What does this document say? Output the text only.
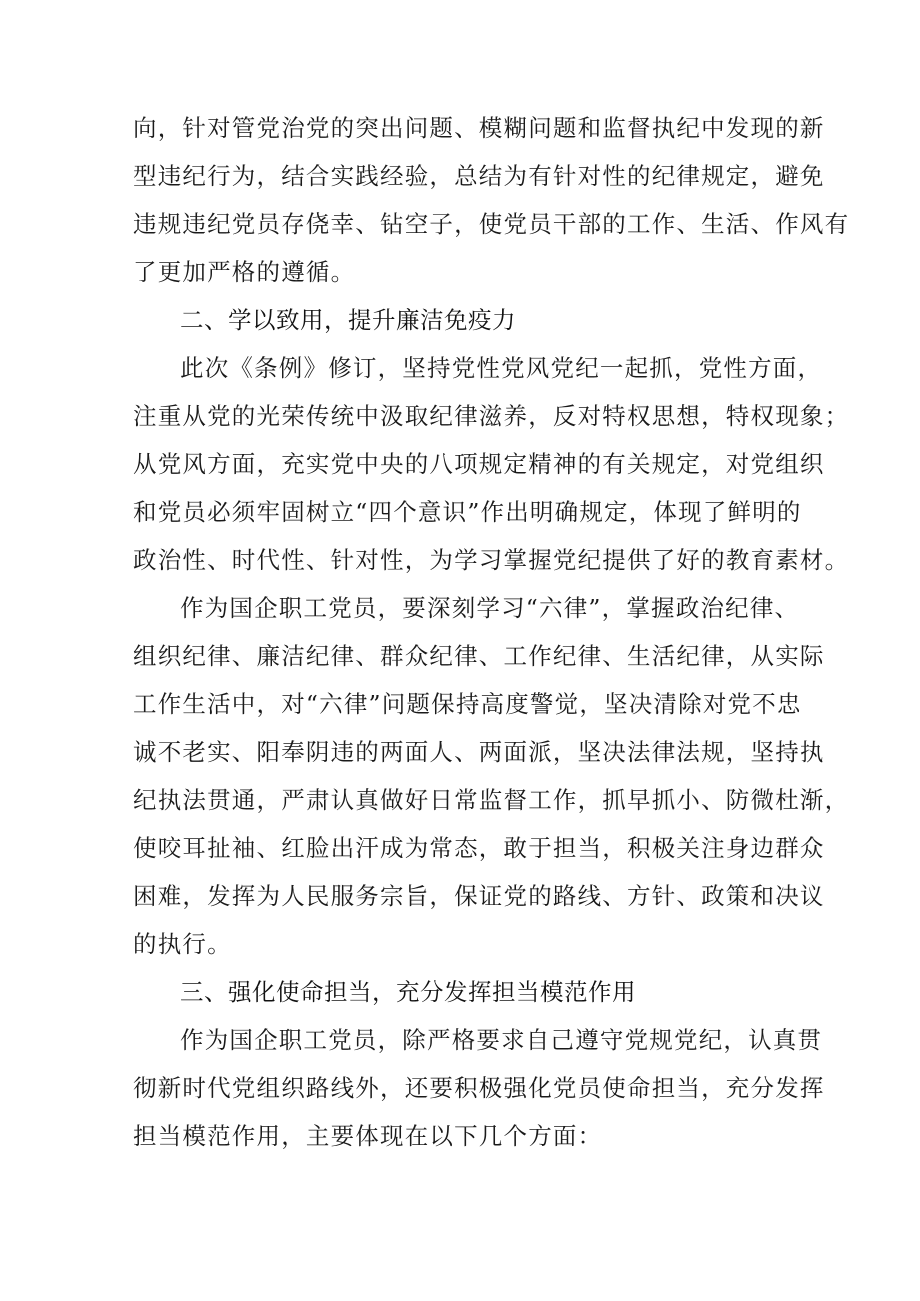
向，针对管党治党的突出问题、模糊问题和监督执纪中发现的新
型违纪行为，结合实践经验，总结为有针对性的纪律规定，避免
违规违纪党员存侥幸、钻空子，使党员干部的工作、生活、作风有
了更加严格的遵循。
二、学以致用，提升廉洁免疫力
此次《条例》修订，坚持党性党风党纪一起抓，党性方面，
注重从党的光荣传统中汲取纪律滋养，反对特权思想，特权现象；
从党风方面，充实党中央的八项规定精神的有关规定，对党组织
和党员必须牢固树立“四个意识”作出明确规定，体现了鲜明的
政治性、时代性、针对性，为学习掌握党纪提供了好的教育素材。
作为国企职工党员，要深刻学习“六律”，掌握政治纪律、
组织纪律、廉洁纪律、群众纪律、工作纪律、生活纪律，从实际
工作生活中，对“六律”问题保持高度警觉，坚决清除对党不忠
诚不老实、阳奉阴违的两面人、两面派，坚决法律法规，坚持执
纪执法贯通，严肃认真做好日常监督工作，抓早抓小、防微杜渐，
使咬耳扯袖、红脸出汗成为常态，敢于担当，积极关注身边群众
困难，发挥为人民服务宗旨，保证党的路线、方针、政策和决议
的执行。
三、强化使命担当，充分发挥担当模范作用
作为国企职工党员，除严格要求自己遵守党规党纪，认真贯
彻新时代党组织路线外，还要积极强化党员使命担当，充分发挥
担当模范作用，主要体现在以下几个方面：
